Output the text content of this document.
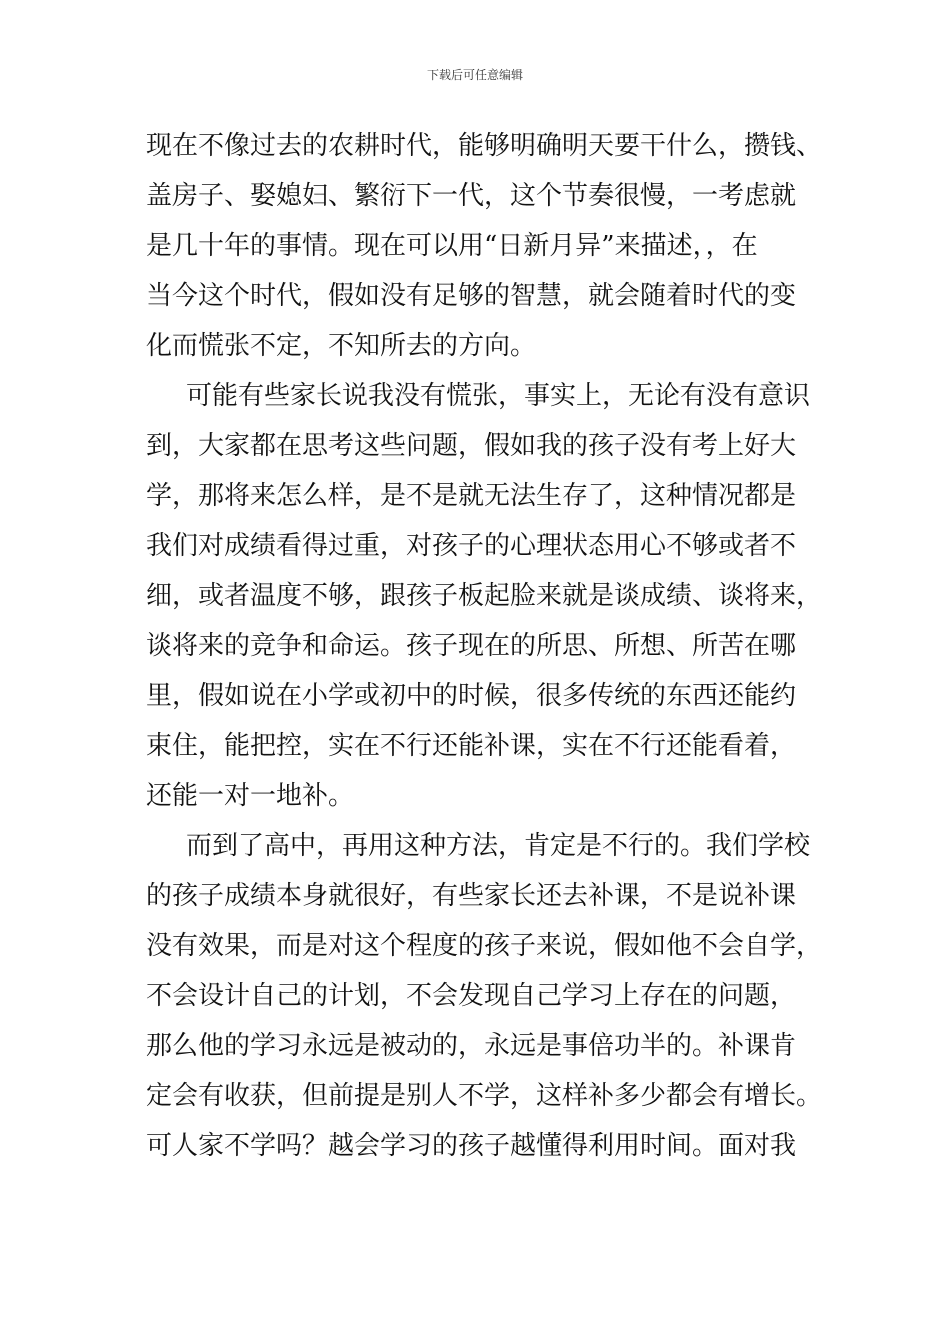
下载后可任意编辑
现在不像过去的农耕时代，能够明确明天要干什么，攒钱、
盖房子、娶媳妇、繁衍下一代，这个节奏很慢，一考虑就
是几十年的事情。现在可以用“日新月异”来描述，，在
当今这个时代，假如没有足够的智慧，就会随着时代的变
化而慌张不定，不知所去的方向。
可能有些家长说我没有慌张，事实上，无论有没有意识
到，大家都在思考这些问题，假如我的孩子没有考上好大
学，那将来怎么样，是不是就无法生存了，这种情况都是
我们对成绩看得过重，对孩子的心理状态用心不够或者不
细，或者温度不够，跟孩子板起脸来就是谈成绩、谈将来，
谈将来的竞争和命运。孩子现在的所思、所想、所苦在哪
里，假如说在小学或初中的时候，很多传统的东西还能约
束住，能把控，实在不行还能补课，实在不行还能看着，
还能一对一地补。
而到了高中，再用这种方法，肯定是不行的。我们学校
的孩子成绩本身就很好，有些家长还去补课，不是说补课
没有效果，而是对这个程度的孩子来说，假如他不会自学，
不会设计自己的计划，不会发现自己学习上存在的问题，
那么他的学习永远是被动的，永远是事倍功半的。补课肯
定会有收获，但前提是别人不学，这样补多少都会有增长。
可人家不学吗？越会学习的孩子越懂得利用时间。面对我
